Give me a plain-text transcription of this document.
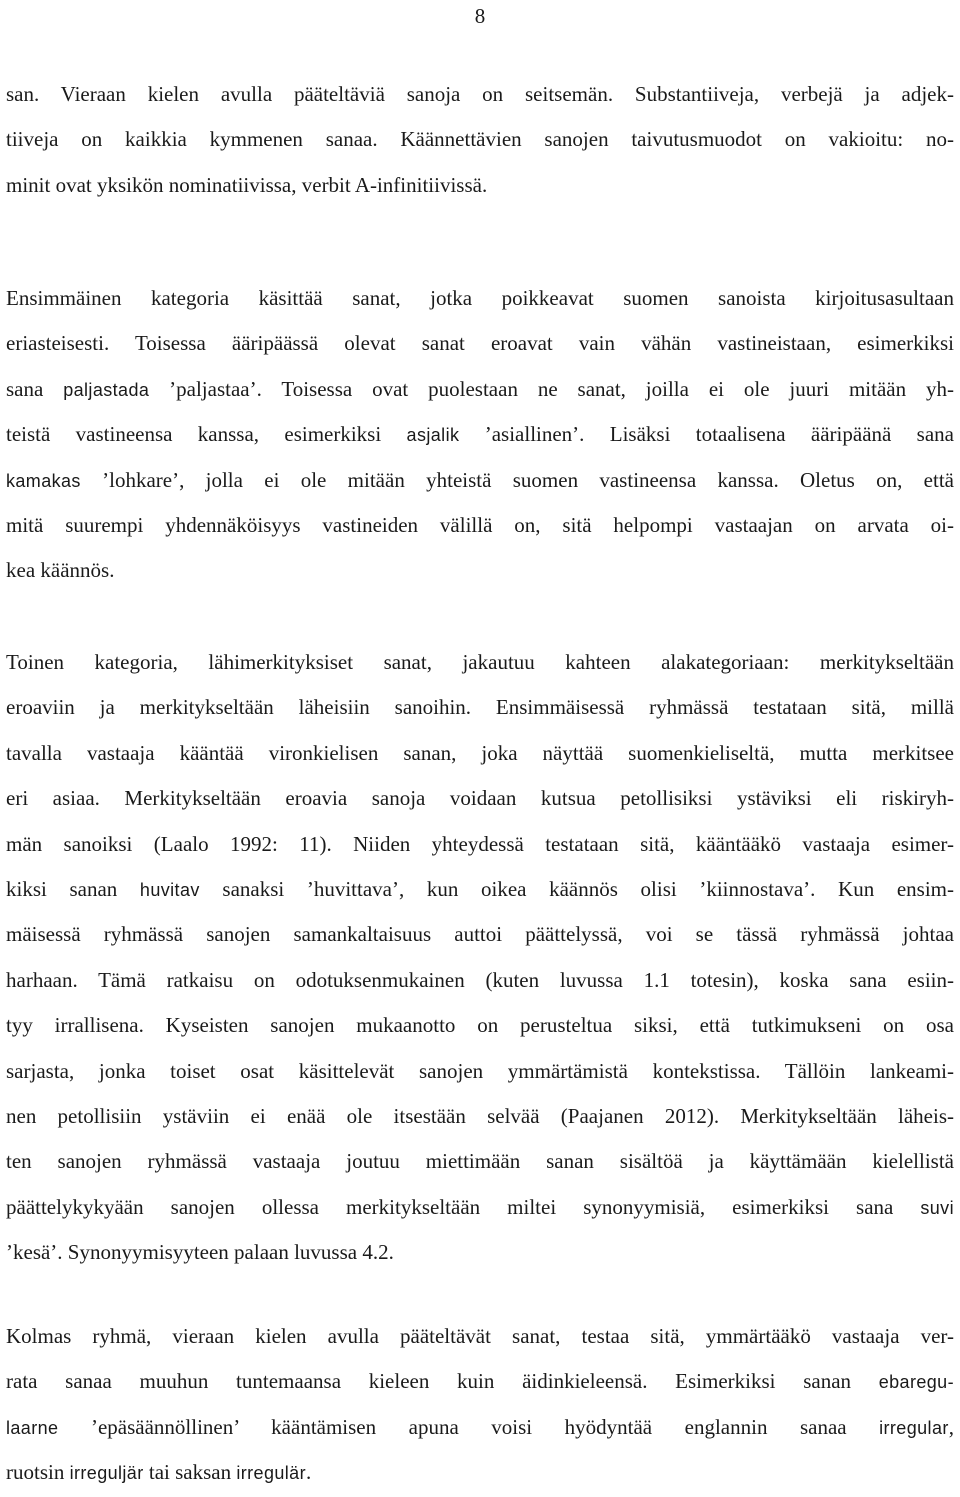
8
san. Vieraan kielen avulla pääteltäviä sanoja on seitsemän. Substantiiveja, verbejä ja adjek-
tiiveja on kaikkia kymmenen sanaa. Käännettävien sanojen taivutusmuodot on vakioitu: no-
minit ovat yksikön nominatiivissa, verbit A-infinitiivissä.
Ensimmäinen kategoria käsittää sanat, jotka poikkeavat suomen sanoista kirjoitusasultaan
eriasteisesti. Toisessa ääripäässä olevat sanat eroavat vain vähän vastineistaan, esimerkiksi
sana paljastada ’paljastaa’. Toisessa ovat puolestaan ne sanat, joilla ei ole juuri mitään yh-
teistä vastineensa kanssa, esimerkiksi asjalik ’asiallinen’. Lisäksi totaalisena ääripäänä sana
kamakas ’lohkare’, jolla ei ole mitään yhteistä suomen vastineensa kanssa. Oletus on, että
mitä suurempi yhdennäköisyys vastineiden välillä on, sitä helpompi vastaajan on arvata oi-
kea käännös.
Toinen kategoria, lähimerkityksiset sanat, jakautuu kahteen alakategoriaan: merkitykseltään
eroaviin ja merkitykseltään läheisiin sanoihin. Ensimmäisessä ryhmässä testataan sitä, millä
tavalla vastaaja kääntää vironkielisen sanan, joka näyttää suomenkieliseltä, mutta merkitsee
eri asiaa. Merkitykseltään eroavia sanoja voidaan kutsua petollisiksi ystäviksi eli riskiryh-
män sanoiksi (Laalo 1992: 11). Niiden yhteydessä testataan sitä, kääntääkö vastaaja esimer-
kiksi sanan huvitav sanaksi ’huvittava’, kun oikea käännös olisi ’kiinnostava’. Kun ensim-
mäisessä ryhmässä sanojen samankaltaisuus auttoi päättelyssä, voi se tässä ryhmässä johtaa
harhaan. Tämä ratkaisu on odotuksenmukainen (kuten luvussa 1.1 totesin), koska sana esiin-
tyy irrallisena. Kyseisten sanojen mukaanotto on perusteltua siksi, että tutkimukseni on osa
sarjasta, jonka toiset osat käsittelevät sanojen ymmärtämistä kontekstissa. Tällöin lankeami-
nen petollisiin ystäviin ei enää ole itsestään selvää (Paajanen 2012). Merkitykseltään läheis-
ten sanojen ryhmässä vastaaja joutuu miettimään sanan sisältöä ja käyttämään kielellistä
päättelykykyään sanojen ollessa merkitykseltään miltei synonyymisiä, esimerkiksi sana suvi
’kesä’. Synonyymisyyteen palaan luvussa 4.2.
Kolmas ryhmä, vieraan kielen avulla pääteltävät sanat, testaa sitä, ymmärtääkö vastaaja ver-
rata sanaa muuhun tuntemaansa kieleen kuin äidinkieleensä. Esimerkiksi sanan ebaregu-
laarne ’epäsäännöllinen’ kääntämisen apuna voisi hyödyntää englannin sanaa irregular,
ruotsin irreguljär tai saksan irregulär.
